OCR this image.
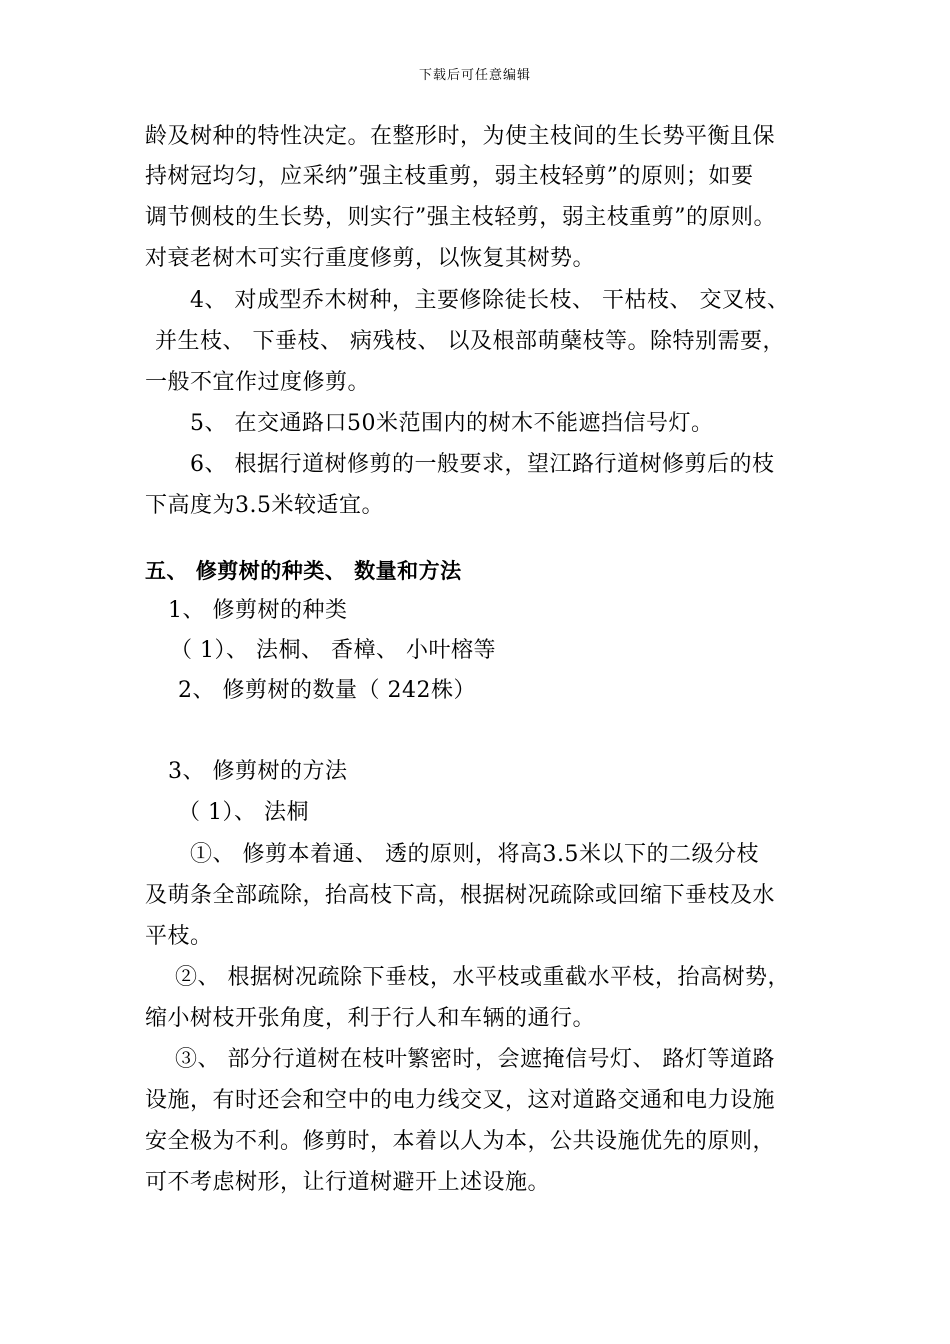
下载后可任意编辑
龄及树种的特性决定。在整形时，为使主枝间的生长势平衡且保
持树冠均匀，应采纳”强主枝重剪，弱主枝轻剪”的原则；如要
调节侧枝的生长势，则实行”强主枝轻剪，弱主枝重剪”的原则。
对衰老树木可实行重度修剪，以恢复其树势。
4、 对成型乔木树种，主要修除徒长枝、 干枯枝、 交叉枝、
并生枝、 下垂枝、 病残枝、 以及根部萌蘖枝等。除特别需要，
一般不宜作过度修剪。
5、 在交通路口50米范围内的树木不能遮挡信号灯。
6、 根据行道树修剪的一般要求，望江路行道树修剪后的枝
下高度为3.5米较适宜。
五、 修剪树的种类、 数量和方法
1、 修剪树的种类
（ 1）、 法桐、 香樟、 小叶榕等
2、 修剪树的数量（ 242株）
3、 修剪树的方法
（ 1）、 法桐
①、 修剪本着通、 透的原则，将高3.5米以下的二级分枝
及萌条全部疏除，抬高枝下高，根据树况疏除或回缩下垂枝及水
平枝。
②、 根据树况疏除下垂枝，水平枝或重截水平枝，抬高树势，
缩小树枝开张角度，利于行人和车辆的通行。
③、 部分行道树在枝叶繁密时，会遮掩信号灯、 路灯等道路
设施，有时还会和空中的电力线交叉，这对道路交通和电力设施
安全极为不利。修剪时，本着以人为本，公共设施优先的原则，
可不考虑树形，让行道树避开上述设施。
